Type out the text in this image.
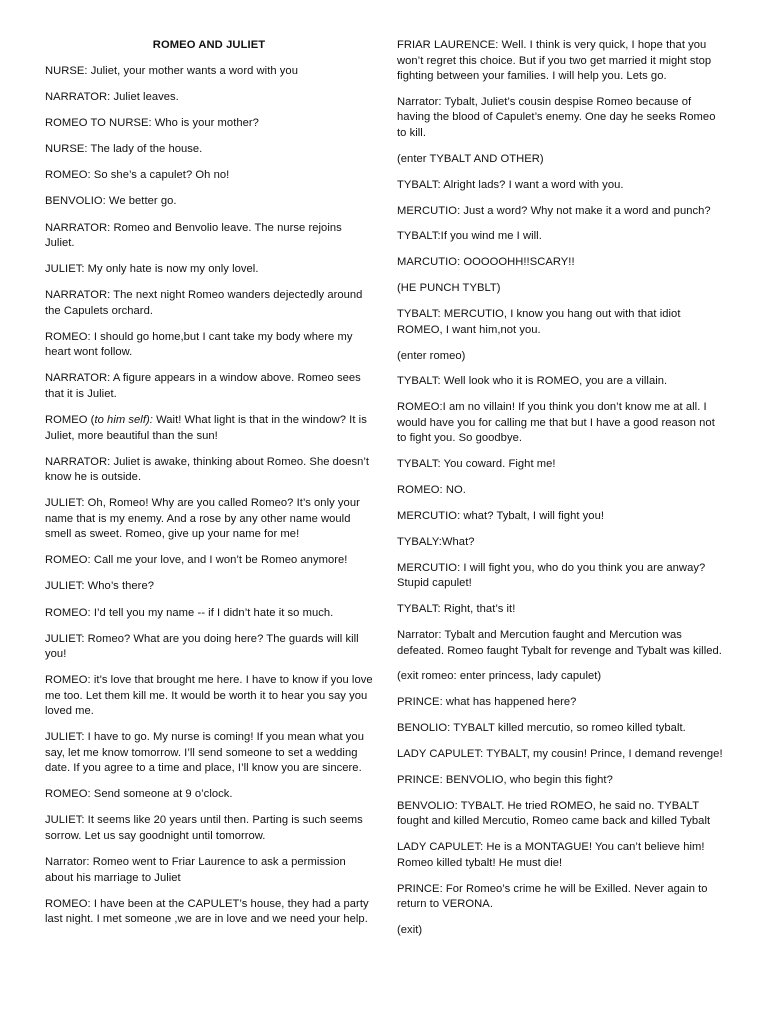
ROMEO AND JULIET
NURSE: Juliet, your mother wants a word with you
NARRATOR: Juliet leaves.
ROMEO TO NURSE: Who is your mother?
NURSE: The lady of the house.
ROMEO: So she’s a capulet? Oh no!
BENVOLIO: We better go.
NARRATOR: Romeo and Benvolio leave. The nurse rejoins Juliet.
JULIET: My only hate is now my only lovel.
NARRATOR: The next night Romeo wanders dejectedly around the Capulets orchard.
ROMEO: I should go home,but I cant take my body where my heart wont follow.
NARRATOR: A figure appears in a window above. Romeo sees that it is Juliet.
ROMEO (to him self): Wait! What light is that in the window? It is Juliet, more beautiful than the sun!
NARRATOR: Juliet is awake, thinking about Romeo. She doesn’t know he is outside.
JULIET: Oh, Romeo! Why are you called Romeo? It’s only your name that is my enemy. And a rose by any other name would smell as sweet. Romeo, give up your name for me!
ROMEO: Call me your love, and I won’t be Romeo anymore!
JULIET: Who’s there?
ROMEO: I’d tell you my name -- if I didn’t hate it so much.
JULIET: Romeo? What are you doing here? The guards will kill you!
ROMEO: it’s love that brought me here. I have to know if you love me too. Let them kill me. It would be worth it to hear you say you loved me.
JULIET: I have to go. My nurse is coming! If you mean what you say, let me know tomorrow. I’ll send someone to set a wedding date. If you agree to a time and place, I’ll know you are sincere.
ROMEO: Send someone at 9 o’clock.
JULIET: It seems like 20 years until then. Parting is such seems sorrow. Let us say goodnight until tomorrow.
Narrator: Romeo went to Friar Laurence to ask a permission about his marriage to Juliet
ROMEO: I have been at the CAPULET’s house, they had a party last night. I met someone ,we are in love and we need your help.
FRIAR LAURENCE: Well. I think is very quick, I hope that you won’t regret this choice. But if you two get married it might stop fighting between your families. I will help you. Lets go.
Narrator: Tybalt, Juliet’s cousin despise Romeo because of having the blood of Capulet’s enemy. One day he seeks Romeo to kill.
(enter TYBALT AND OTHER)
TYBALT: Alright lads? I want a word with you.
MERCUTIO: Just a word? Why not make it a word and punch?
TYBALT:If you wind me I will.
MARCUTIO: OOOOOHH!!SCARY!!
(HE PUNCH TYBLT)
TYBALT: MERCUTIO, I know you hang out with that idiot ROMEO, I want him,not you.
(enter romeo)
TYBALT: Well look who it is ROMEO, you are a villain.
ROMEO:I am no villain! If you think you don’t know me at all. I would have you for calling me that but I have a good reason not to fight you. So goodbye.
TYBALT: You coward. Fight me!
ROMEO: NO.
MERCUTIO: what? Tybalt, I will fight you!
TYBALY:What?
MERCUTIO: I will fight you, who do you think you are anway? Stupid capulet!
TYBALT: Right, that’s it!
Narrator: Tybalt and Mercution faught and Mercution was defeated. Romeo faught Tybalt for revenge and Tybalt was killed.
(exit romeo: enter princess, lady capulet)
PRINCE: what has happened here?
BENOLIO: TYBALT killed mercutio, so romeo killed tybalt.
LADY CAPULET: TYBALT, my cousin! Prince, I demand revenge!
PRINCE: BENVOLIO, who begin this fight?
BENVOLIO: TYBALT. He tried ROMEO, he said no. TYBALT fought and killed Mercutio, Romeo came back and killed Tybalt
LADY CAPULET: He is a MONTAGUE! You can’t believe him! Romeo killed tybalt! He must die!
PRINCE: For Romeo’s crime he will be Exilled. Never again to return to VERONA.
(exit)
